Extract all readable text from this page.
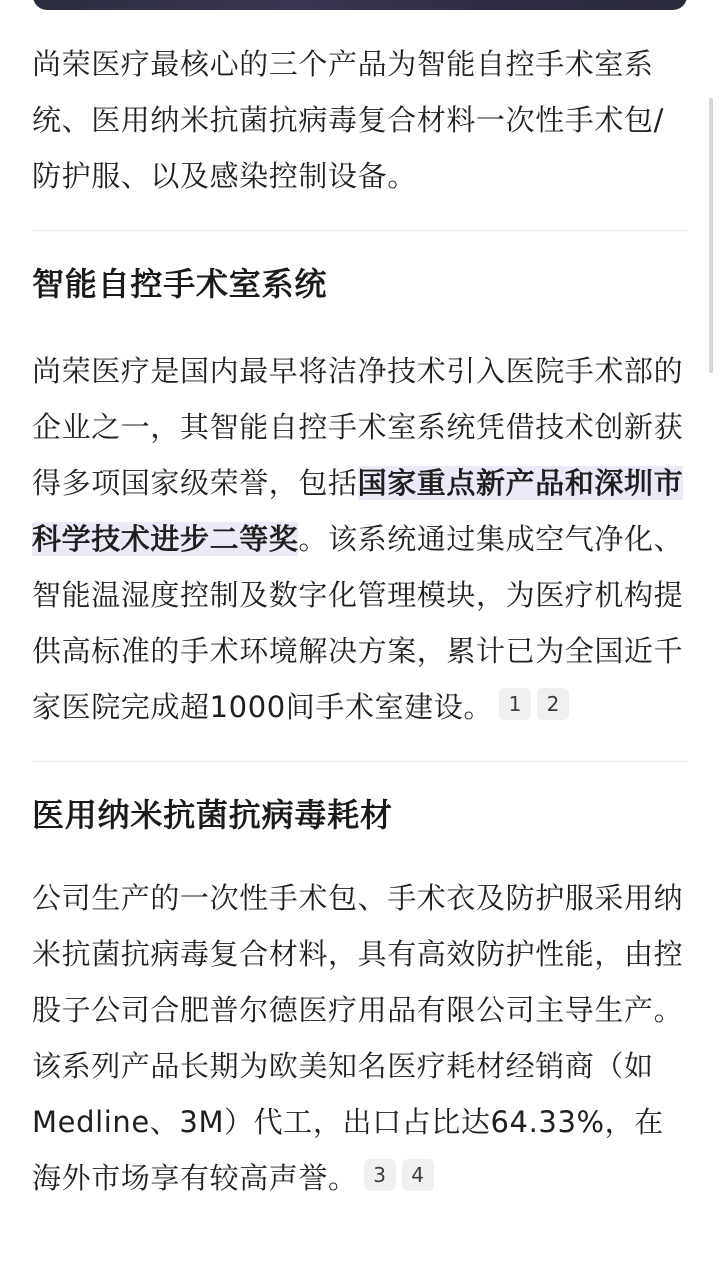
尚荣医疗最核心的三个产品为智能自控手术室系统、医用纳米抗菌抗病毒复合材料一次性手术包/防护服、以及感染控制设备。

智能自控手术室系统

尚荣医疗是国内最早将洁净技术引入医院手术部的企业之一，其智能自控手术室系统凭借技术创新获得多项国家级荣誉，包括国家重点新产品和深圳市科学技术进步二等奖。该系统通过集成空气净化、智能温湿度控制及数字化管理模块，为医疗机构提供高标准的手术环境解决方案，累计已为全国近千家医院完成超1000间手术室建设。 1 2

医用纳米抗菌抗病毒耗材

公司生产的一次性手术包、手术衣及防护服采用纳米抗菌抗病毒复合材料，具有高效防护性能，由控股子公司合肥普尔德医疗用品有限公司主导生产。该系列产品长期为欧美知名医疗耗材经销商（如Medline、3M）代工，出口占比达64.33%，在海外市场享有较高声誉。 3 4
